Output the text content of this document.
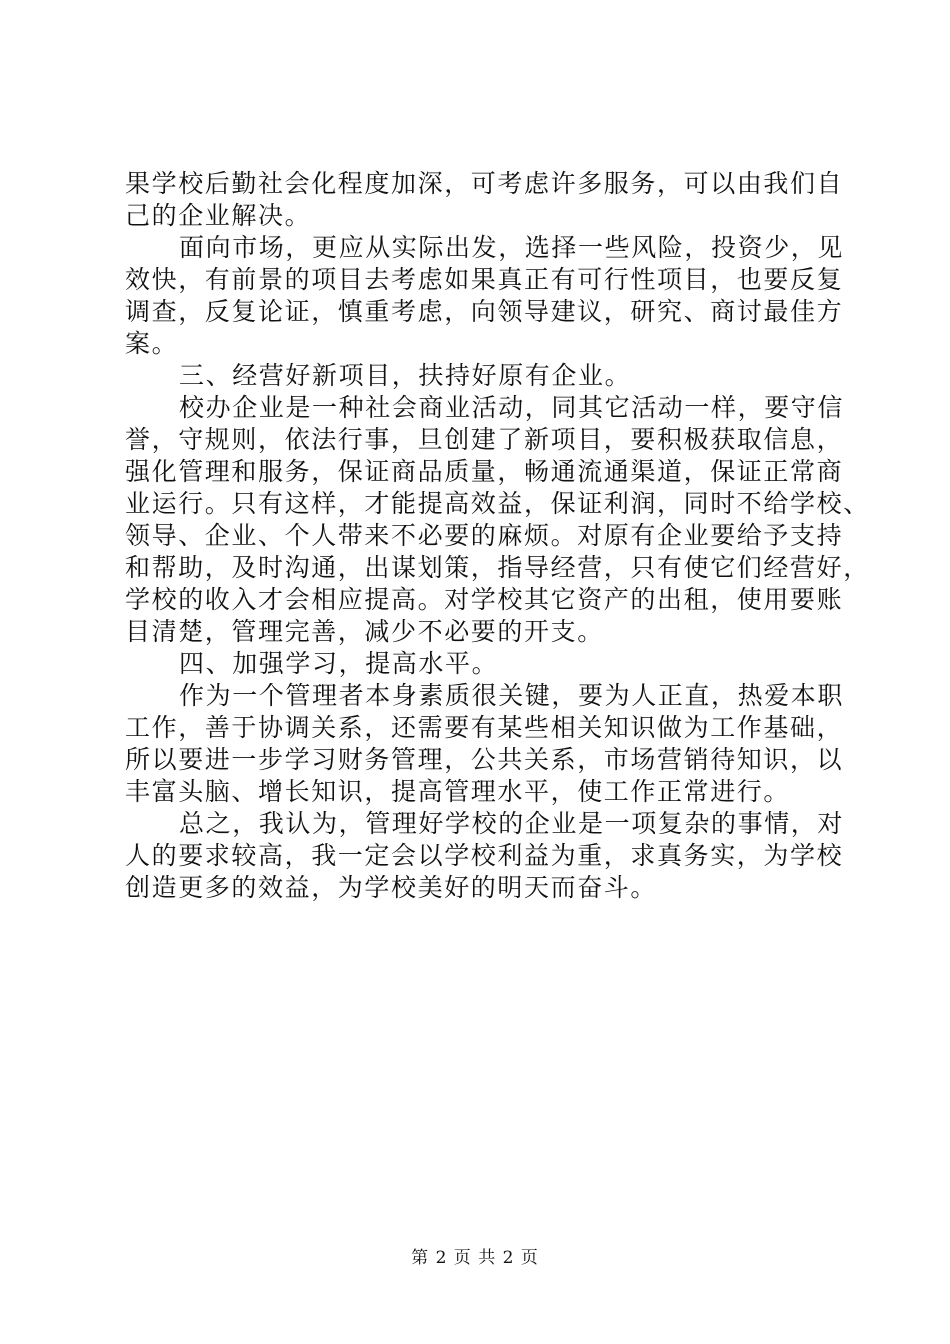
果学校后勤社会化程度加深，可考虑许多服务，可以由我们自
己的企业解决。
面向市场，更应从实际出发，选择一些风险，投资少，见
效快，有前景的项目去考虑如果真正有可行性项目，也要反复
调查，反复论证，慎重考虑，向领导建议，研究、商讨最佳方
案。
三、经营好新项目，扶持好原有企业。
校办企业是一种社会商业活动，同其它活动一样，要守信
誉，守规则，依法行事，旦创建了新项目，要积极获取信息，
强化管理和服务，保证商品质量，畅通流通渠道，保证正常商
业运行。只有这样，才能提高效益，保证利润，同时不给学校、
领导、企业、个人带来不必要的麻烦。对原有企业要给予支持
和帮助，及时沟通，出谋划策，指导经营，只有使它们经营好，
学校的收入才会相应提高。对学校其它资产的出租，使用要账
目清楚，管理完善，减少不必要的开支。
四、加强学习，提高水平。
作为一个管理者本身素质很关键，要为人正直，热爱本职
工作，善于协调关系，还需要有某些相关知识做为工作基础，
所以要进一步学习财务管理，公共关系，市场营销待知识，以
丰富头脑、增长知识，提高管理水平，使工作正常进行。
总之，我认为，管理好学校的企业是一项复杂的事情，对
人的要求较高，我一定会以学校利益为重，求真务实，为学校
创造更多的效益，为学校美好的明天而奋斗。
第 2 页 共 2 页
